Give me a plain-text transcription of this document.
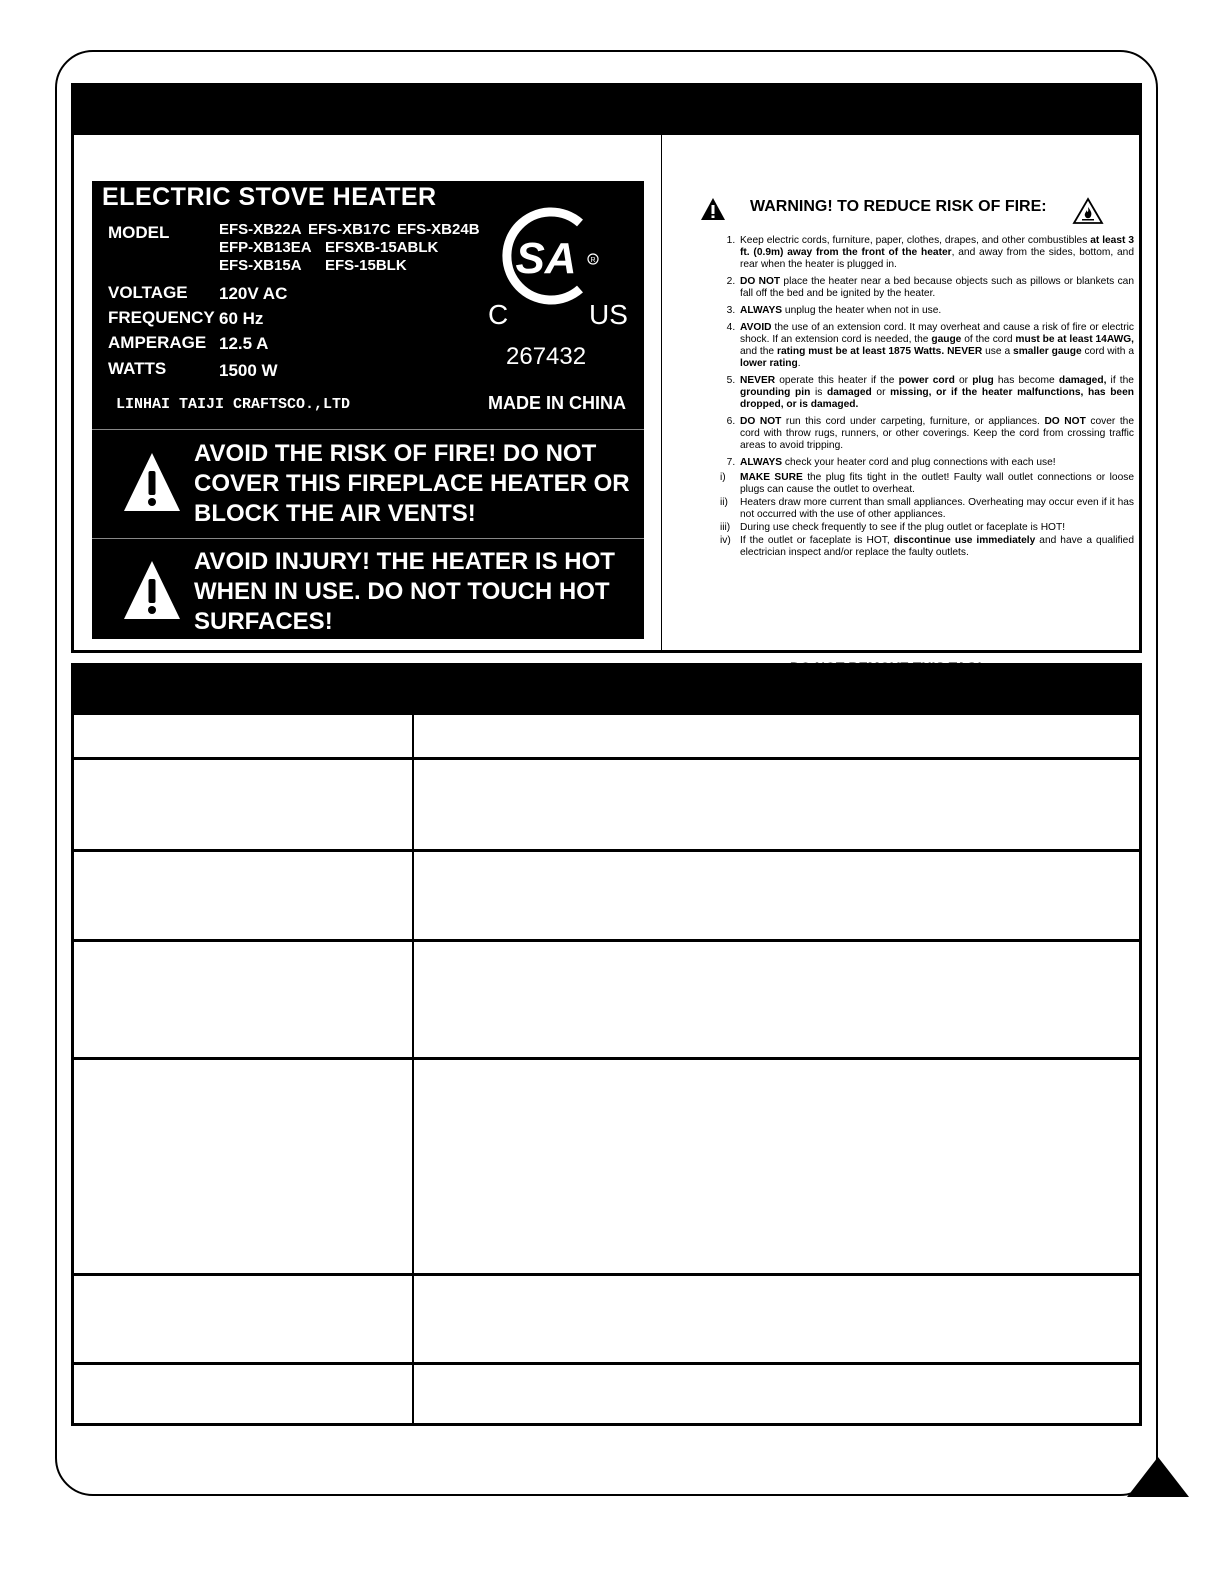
ELECTRIC STOVE HEATER
MODEL	EFS-XB22A EFS-XB17C EFS-XB24B
EFP-XB13EA EFSXB-15ABLK
EFS-XB15A EFS-15BLK
VOLTAGE 120V AC
FREQUENCY 60 Hz
AMPERAGE 12.5 A
WATTS	1500 W
LINHAI TAIJI CRAFTSCO.,LTD	MADE IN CHINA
SA R
C	US
267432
AVOID THE RISK OF FIRE! DO NOT
COVER THIS FIREPLACE HEATER OR
BLOCK THE AIR VENTS!
AVOID INJURY! THE HEATER IS HOT
WHEN IN USE. DO NOT TOUCH HOT
SURFACES!
WARNING! TO REDUCE RISK OF FIRE:
1. Keep electric cords, furniture, paper, clothes, drapes, and other combustibles at least 3 ft. (0.9m) away from the front of the heater, and away from the sides, bottom, and rear when the heater is plugged in.
2. DO NOT place the heater near a bed because objects such as pillows or blankets can fall off the bed and be ignited by the heater.
3. ALWAYS unplug the heater when not in use.
4. AVOID the use of an extension cord. It may overheat and cause a risk of fire or electric shock. If an extension cord is needed, the gauge of the cord must be at least 14AWG, and the rating must be at least 1875 Watts. NEVER use a smaller gauge cord with a lower rating.
5. NEVER operate this heater if the power cord or plug has become damaged, if the grounding pin is damaged or missing, or if the heater malfunctions, has been dropped, or is damaged.
6. DO NOT run this cord under carpeting, furniture, or appliances. DO NOT cover the cord with throw rugs, runners, or other coverings. Keep the cord from crossing traffic areas to avoid tripping.
7. ALWAYS check your heater cord and plug connections with each use!
i) MAKE SURE the plug fits tight in the outlet! Faulty wall outlet connections or loose plugs can cause the outlet to overheat.
ii) Heaters draw more current than small appliances. Overheating may occur even if it has not occurred with the use of other appliances.
iii) During use check frequently to see if the plug outlet or faceplate is HOT!
iv) If the outlet or faceplate is HOT, discontinue use immediately and have a qualified electrician inspect and/or replace the faulty outlets.
